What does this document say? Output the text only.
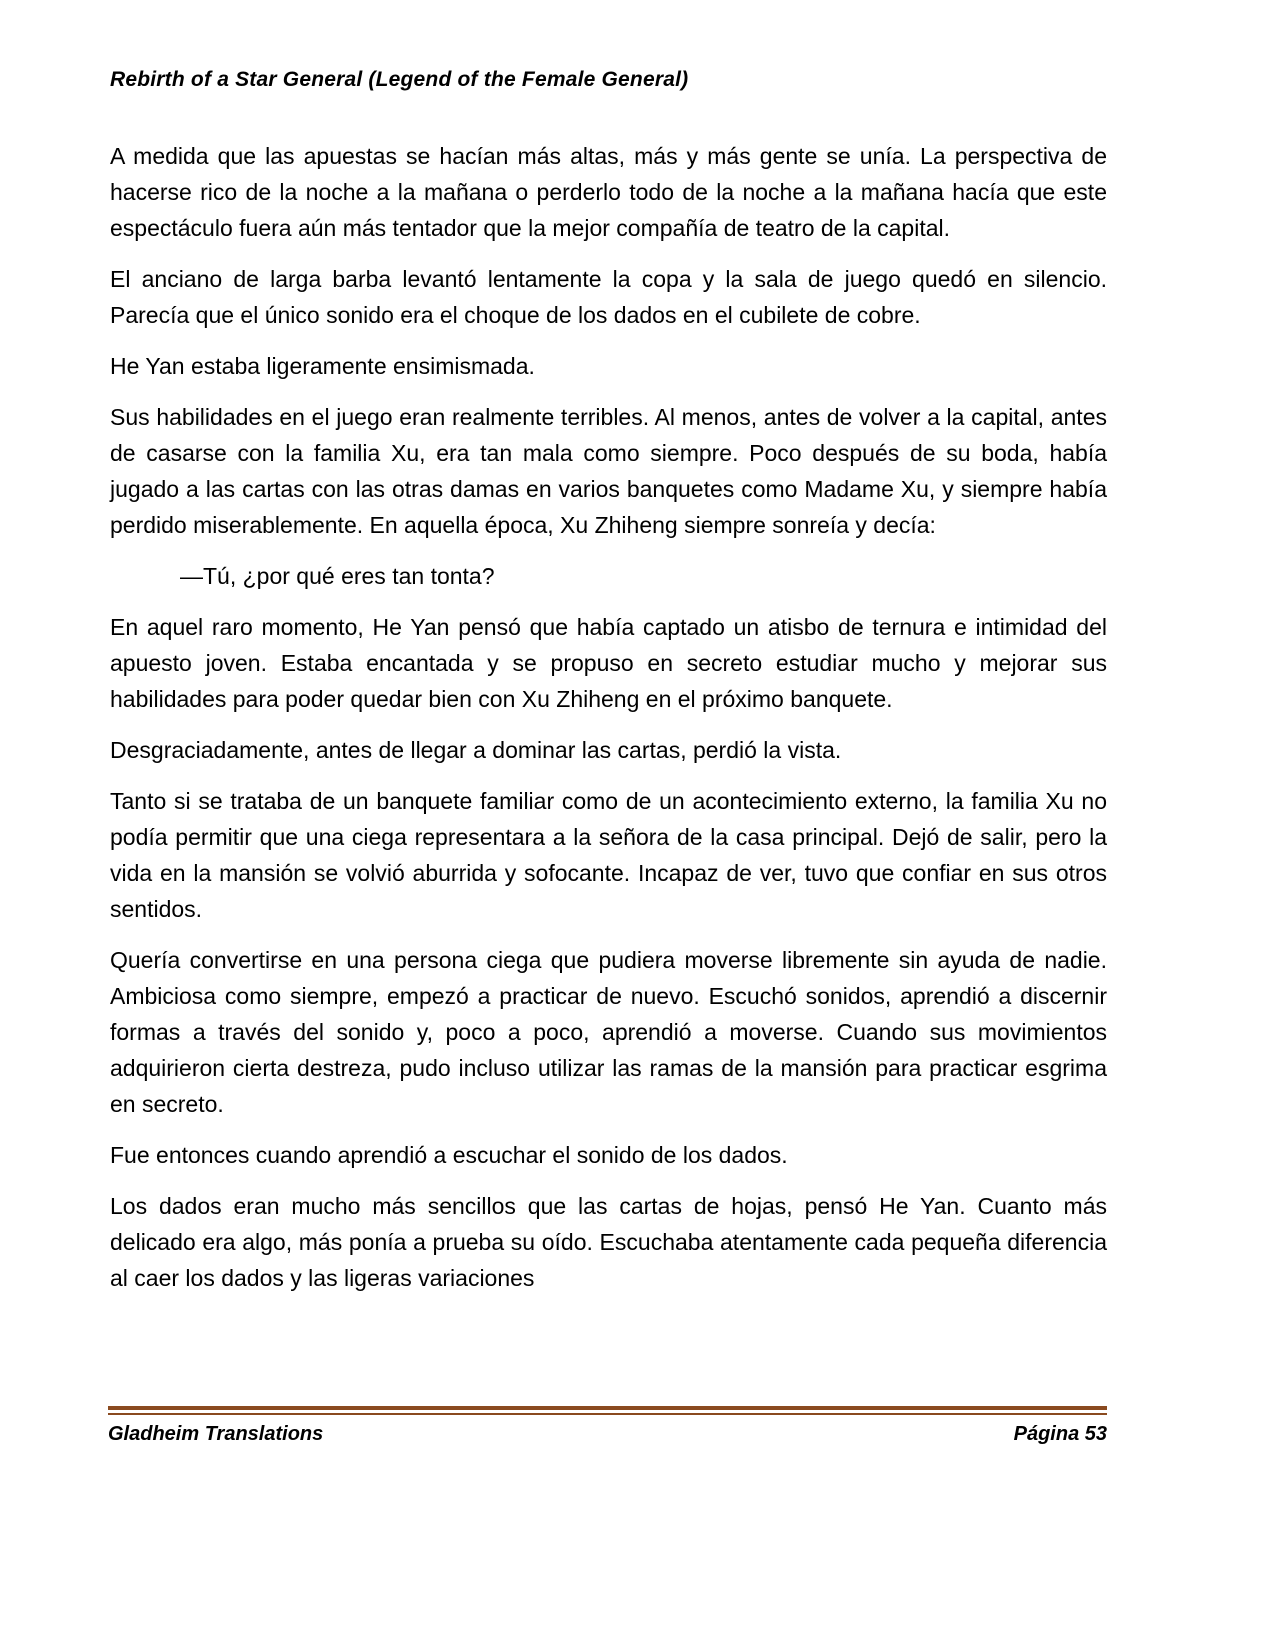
Rebirth of a Star General (Legend of the Female General)

A medida que las apuestas se hacían más altas, más y más gente se unía. La perspectiva de hacerse rico de la noche a la mañana o perderlo todo de la noche a la mañana hacía que este espectáculo fuera aún más tentador que la mejor compañía de teatro de la capital.

El anciano de larga barba levantó lentamente la copa y la sala de juego quedó en silencio. Parecía que el único sonido era el choque de los dados en el cubilete de cobre.

He Yan estaba ligeramente ensimismada.

Sus habilidades en el juego eran realmente terribles. Al menos, antes de volver a la capital, antes de casarse con la familia Xu, era tan mala como siempre. Poco después de su boda, había jugado a las cartas con las otras damas en varios banquetes como Madame Xu, y siempre había perdido miserablemente. En aquella época, Xu Zhiheng siempre sonreía y decía:

—Tú, ¿por qué eres tan tonta?

En aquel raro momento, He Yan pensó que había captado un atisbo de ternura e intimidad del apuesto joven. Estaba encantada y se propuso en secreto estudiar mucho y mejorar sus habilidades para poder quedar bien con Xu Zhiheng en el próximo banquete.

Desgraciadamente, antes de llegar a dominar las cartas, perdió la vista.

Tanto si se trataba de un banquete familiar como de un acontecimiento externo, la familia Xu no podía permitir que una ciega representara a la señora de la casa principal. Dejó de salir, pero la vida en la mansión se volvió aburrida y sofocante. Incapaz de ver, tuvo que confiar en sus otros sentidos.

Quería convertirse en una persona ciega que pudiera moverse libremente sin ayuda de nadie. Ambiciosa como siempre, empezó a practicar de nuevo. Escuchó sonidos, aprendió a discernir formas a través del sonido y, poco a poco, aprendió a moverse. Cuando sus movimientos adquirieron cierta destreza, pudo incluso utilizar las ramas de la mansión para practicar esgrima en secreto.

Fue entonces cuando aprendió a escuchar el sonido de los dados.

Los dados eran mucho más sencillos que las cartas de hojas, pensó He Yan. Cuanto más delicado era algo, más ponía a prueba su oído. Escuchaba atentamente cada pequeña diferencia al caer los dados y las ligeras variaciones

Gladheim Translations	Página 53
